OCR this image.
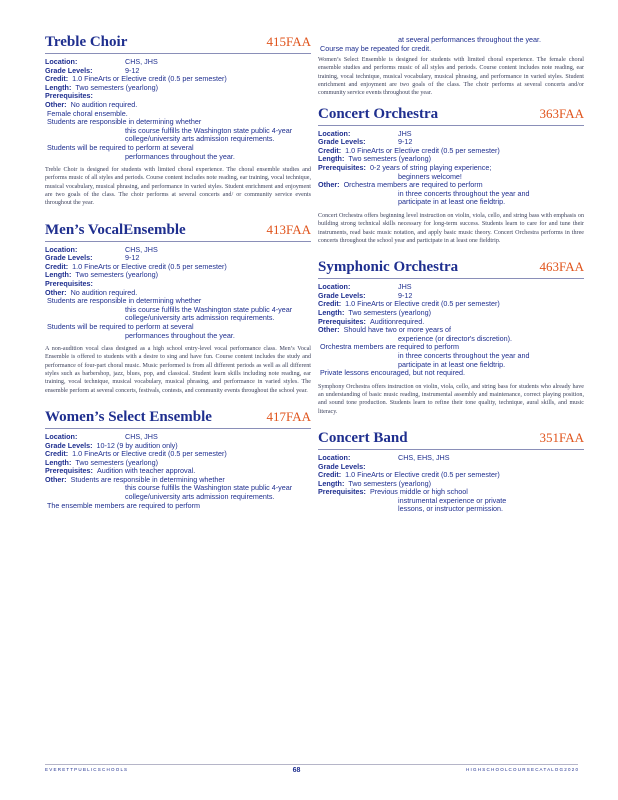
Treble Choir	415FAA
Location:	CHS, JHS
Grade Levels:	9-12
Credit: 1.0 FineArts or Elective credit (0.5 per semester)
Length: Two semesters (yearlong)
Prerequisites:
Other: No audition required.
Female choral ensemble.
Students are responsible in determining whether
this course fulfills the Washington state public 4-year
college/university arts admission requirements.
Students will be required to perform at several
performances throughout the year.
Treble Choir is designed for students with limited choral experience. The choral ensemble studies and performs music of all styles and periods. Course content includes note reading, ear training, vocal technique, musical vocabulary, musical phrasing, and performance in varied styles. Student enrichment and enjoyment are two goals of the class. The choir performs at several concerts and/ or community service events throughout the year.
Men’s VocalEnsemble	413FAA
Location:	CHS, JHS
Grade Levels:	9-12
Credit: 1.0 FineArts or Elective credit (0.5 per semester)
Length: Two semesters (yearlong)
Prerequisites:
Other: No audition required.
Students are responsible in determining whether
this course fulfills the Washington state public 4-year
college/university arts admission requirements.
Students will be required to perform at several
performances throughout the year.
A non-audition vocal class designed as a high school entry-level vocal performance class. Men’s Vocal Ensemble is offered to students with a desire to sing and have fun. Course content includes the study and performance of four-part choral music. Music performed is from all different periods as well as all different styles such as barbershop, jazz, blues, pop, and classical. Student learn skills including note reading, ear training, vocal technique, musical vocabulary, musical phrasing, and performance in varied styles. The ensemble perform at several concerts, festivals, contests, and community events throughout the school year.
Women’s Select Ensemble	417FAA
Location:	CHS, JHS
Grade Levels: 10-12 (9 by audition only)
Credit: 1.0 FineArts or Elective credit (0.5 per semester)
Length: Two semesters (yearlong)
Prerequisites: Audition with teacher approval.
Other: Students are responsible in determining whether
this course fulfills the Washington state public 4-year
college/university arts admission requirements.
The ensemble members are required to perform
at several performances throughout the year.
Course may be repeated for credit.
Women’s Select Ensemble is designed for students with limited choral experience. The female choral ensemble studies and performs music of all styles and periods. Course content includes note reading, ear training, vocal technique, musical vocabulary, musical phrasing, and performance in varied styles. Student enrichment and enjoyment are two goals of the class. The choir performs at several concerts and/or community service events throughout the year.
Concert Orchestra	363FAA
Location:	JHS
Grade Levels:	9-12
Credit: 1.0 FineArts or Elective credit (0.5 per semester)
Length: Two semesters (yearlong)
Prerequisites: 0-2 years of string playing experience;
beginners welcome!
Other: Orchestra members are required to perform
in three concerts throughout the year and
participate in at least one fieldtrip.
Concert Orchestra offers beginning level instruction on violin, viola, cello, and string bass with emphasis on building strong technical skills necessary for long-term success. Students learn to care for and tune their instruments, read basic music notation, and apply basic music theory. Concert Orchestra performs in three concerts throughout the school year and participate in at least one fieldtrip.
Symphonic Orchestra	463FAA
Location:	JHS
Grade Levels:	9-12
Credit: 1.0 FineArts or Elective credit (0.5 per semester)
Length: Two semesters (yearlong)
Prerequisites: Auditionrequired.
Other: Should have two or more years of
experience (or director's discretion).
Orchestra members are required to perform
in three concerts throughout the year and
participate in at least one fieldtrip.
Private lessons encouraged, but not required.
Symphony Orchestra offers instruction on violin, viola, cello, and string bass for students who already have an understanding of basic music reading, instrumental assembly and maintenance, correct playing position, and sound tone production. Students learn to refine their tone quality, technique, aural skills, and music literacy.
Concert Band	351FAA
Location:	CHS, EHS, JHS
Grade Levels:
Credit: 1.0 FineArts or Elective credit (0.5 per semester)
Length: Two semesters (yearlong)
Prerequisites: Previous middle or high school
instrumental experience or private
lessons, or instructor permission.
E V E R E T T P U B L I C S C H O O L S	68	H I G H S C H O O L C O U R S E C A T A L O G 2 0 2 0
